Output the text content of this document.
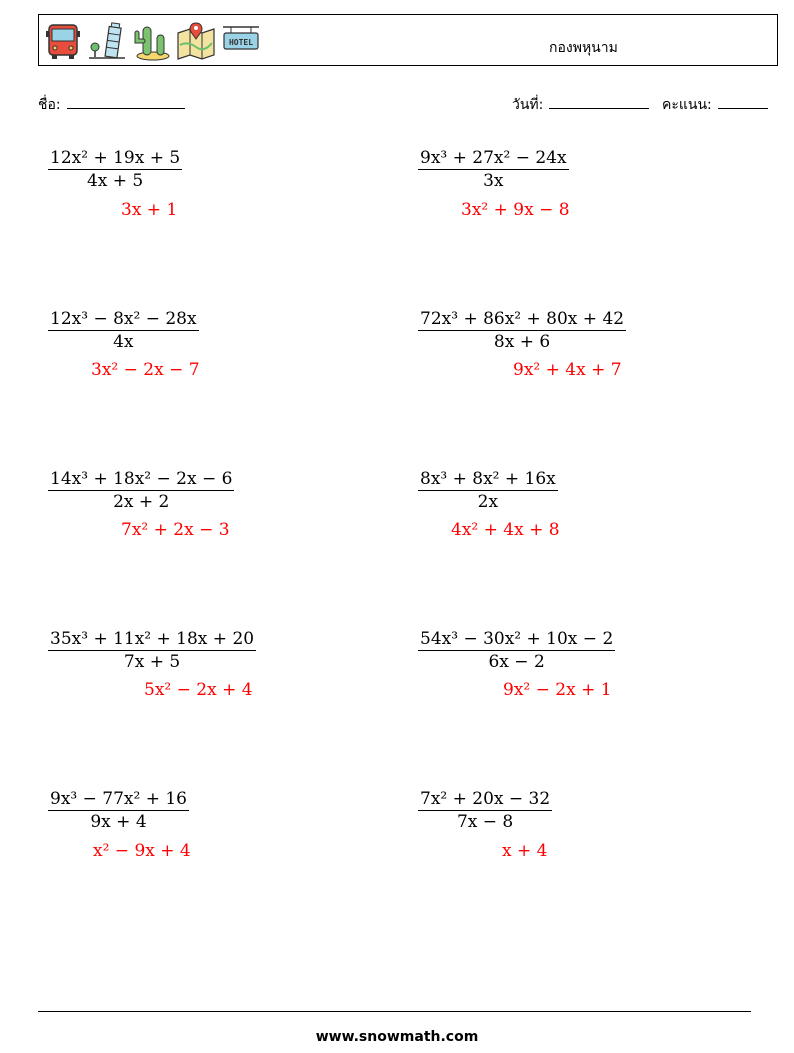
HOTEL	กองพหุนาม
ชื่อ:	วันที่:	คะแนน:
$\frac{\text{12x² + 19x + 5}}{4x + 5}$
3x + 1
$\frac{\text{9x³ + 27x² − 24x}}{3x}$
3x² + 9x − 8
$\frac{\text{12x³ − 8x² − 28x}}{4x}$
3x² − 2x − 7
$\frac{\text{72x³ + 86x² + 80x + 42}}{8x + 6}$
9x² + 4x + 7
$\frac{\text{14x³ + 18x² − 2x − 6}}{2x + 2}$
7x² + 2x − 3
$\frac{\text{8x³ + 8x² + 16x}}{2x}$
4x² + 4x + 8
$\frac{\text{35x³ + 11x² + 18x + 20}}{7x + 5}$
5x² − 2x + 4
$\frac{\text{54x³ − 30x² + 10x − 2}}{6x - 2}$
9x² − 2x + 1
$\frac{\text{9x³ − 77x² + 16}}{9x + 4}$
x² − 9x + 4
$\frac{\text{7x² + 20x − 32}}{7x - 8}$
x + 4
www.snowmath.com
